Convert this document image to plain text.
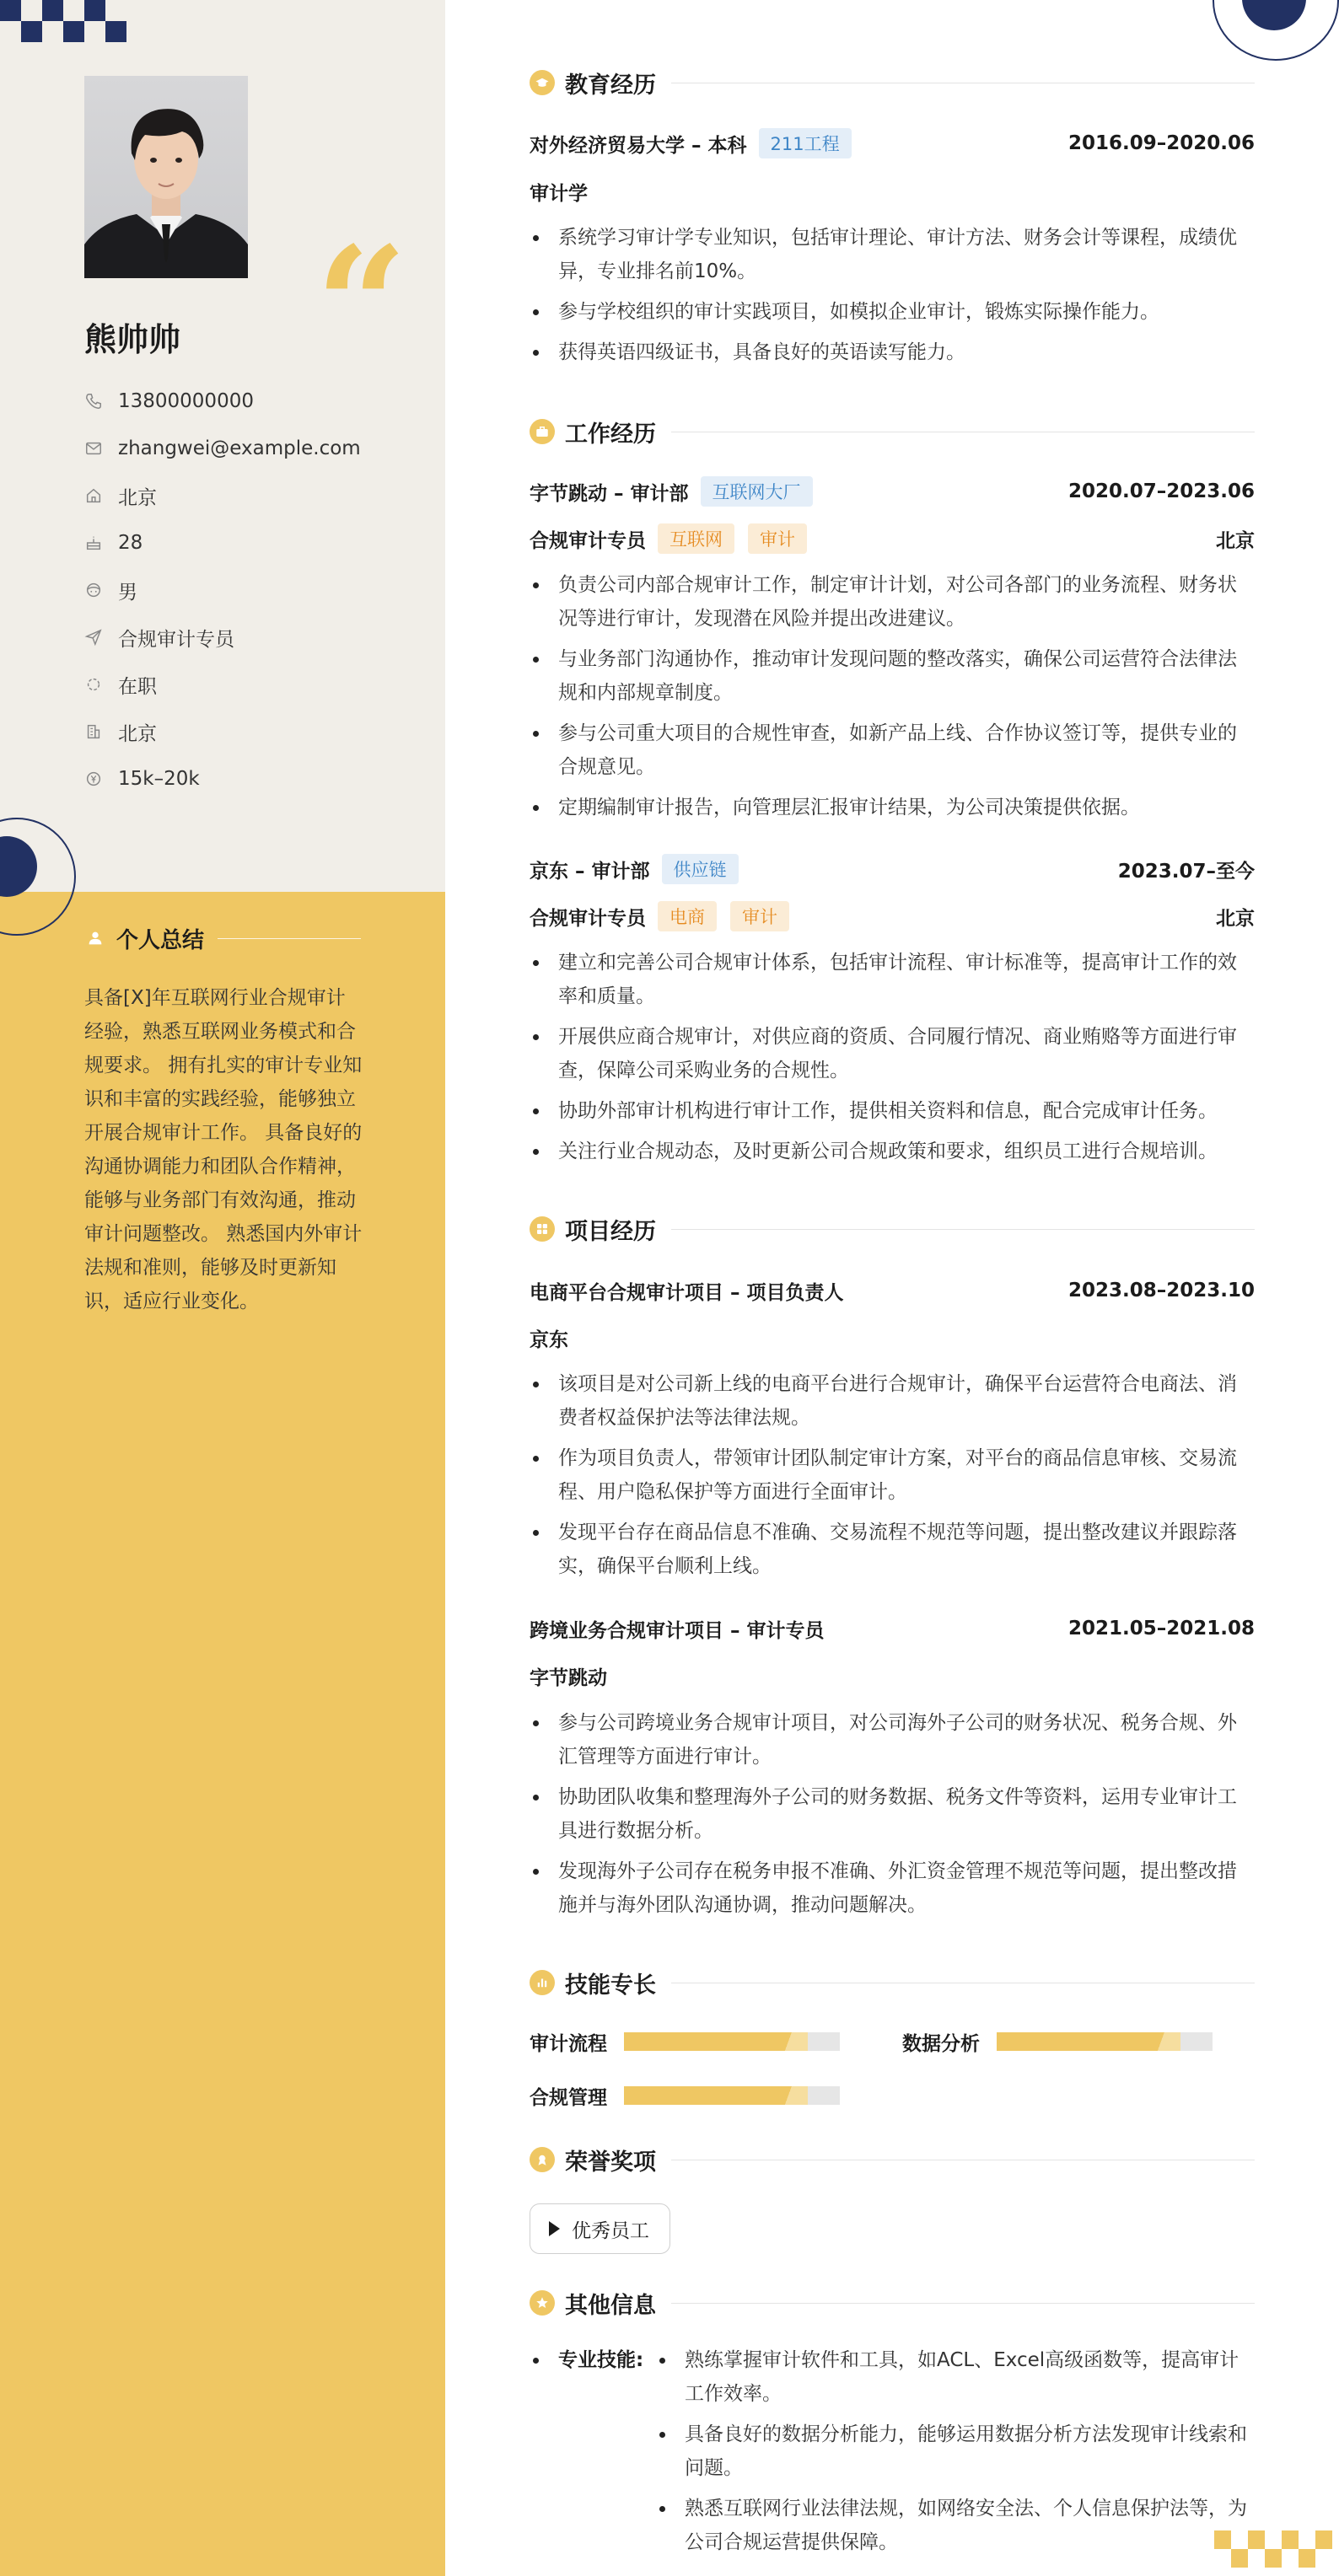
“
熊帅帅
13800000000
zhangwei@example.com
北京
28
男
合规审计专员
在职
北京
15k–20k
个人总结

具备[X]年互联网行业合规审计经验，熟悉互联网业务模式和合规要求。 拥有扎实的审计专业知识和丰富的实践经验，能够独立开展合规审计工作。 具备良好的沟通协调能力和团队合作精神，能够与业务部门有效沟通，推动审计问题整改。 熟悉国内外审计法规和准则，能够及时更新知识，适应行业变化。

教育经历
对外经济贸易大学 – 本科	211工程	2016.09–2020.06
审计学
系统学习审计学专业知识，包括审计理论、审计方法、财务会计等课程，成绩优异，专业排名前10%。
参与学校组织的审计实践项目，如模拟企业审计，锻炼实际操作能力。
获得英语四级证书，具备良好的英语读写能力。
工作经历
字节跳动 – 审计部	互联网大厂	2020.07–2023.06
合规审计专员	互联网	审计	北京
负责公司内部合规审计工作，制定审计计划，对公司各部门的业务流程、财务状况等进行审计，发现潜在风险并提出改进建议。
与业务部门沟通协作，推动审计发现问题的整改落实，确保公司运营符合法律法规和内部规章制度。
参与公司重大项目的合规性审查，如新产品上线、合作协议签订等，提供专业的合规意见。
定期编制审计报告，向管理层汇报审计结果，为公司决策提供依据。
京东 – 审计部	供应链	2023.07–至今
合规审计专员	电商	审计	北京
建立和完善公司合规审计体系，包括审计流程、审计标准等，提高审计工作的效率和质量。
开展供应商合规审计，对供应商的资质、合同履行情况、商业贿赂等方面进行审查，保障公司采购业务的合规性。
协助外部审计机构进行审计工作，提供相关资料和信息，配合完成审计任务。
关注行业合规动态，及时更新公司合规政策和要求，组织员工进行合规培训。
项目经历
电商平台合规审计项目 – 项目负责人	2023.08–2023.10
京东
该项目是对公司新上线的电商平台进行合规审计，确保平台运营符合电商法、消费者权益保护法等法律法规。
作为项目负责人，带领审计团队制定审计方案，对平台的商品信息审核、交易流程、用户隐私保护等方面进行全面审计。
发现平台存在商品信息不准确、交易流程不规范等问题，提出整改建议并跟踪落实，确保平台顺利上线。
跨境业务合规审计项目 – 审计专员	2021.05–2021.08
字节跳动
参与公司跨境业务合规审计项目，对公司海外子公司的财务状况、税务合规、外汇管理等方面进行审计。
协助团队收集和整理海外子公司的财务数据、税务文件等资料，运用专业审计工具进行数据分析。
发现海外子公司存在税务申报不准确、外汇资金管理不规范等问题，提出整改措施并与海外团队沟通协调，推动问题解决。
技能专长
审计流程	数据分析
合规管理
荣誉奖项
优秀员工
其他信息
专业技能:	熟练掌握审计软件和工具，如ACL、Excel高级函数等，提高审计工作效率。
具备良好的数据分析能力，能够运用数据分析方法发现审计线索和问题。
熟悉互联网行业法律法规，如网络安全法、个人信息保护法等，为公司合规运营提供保障。
